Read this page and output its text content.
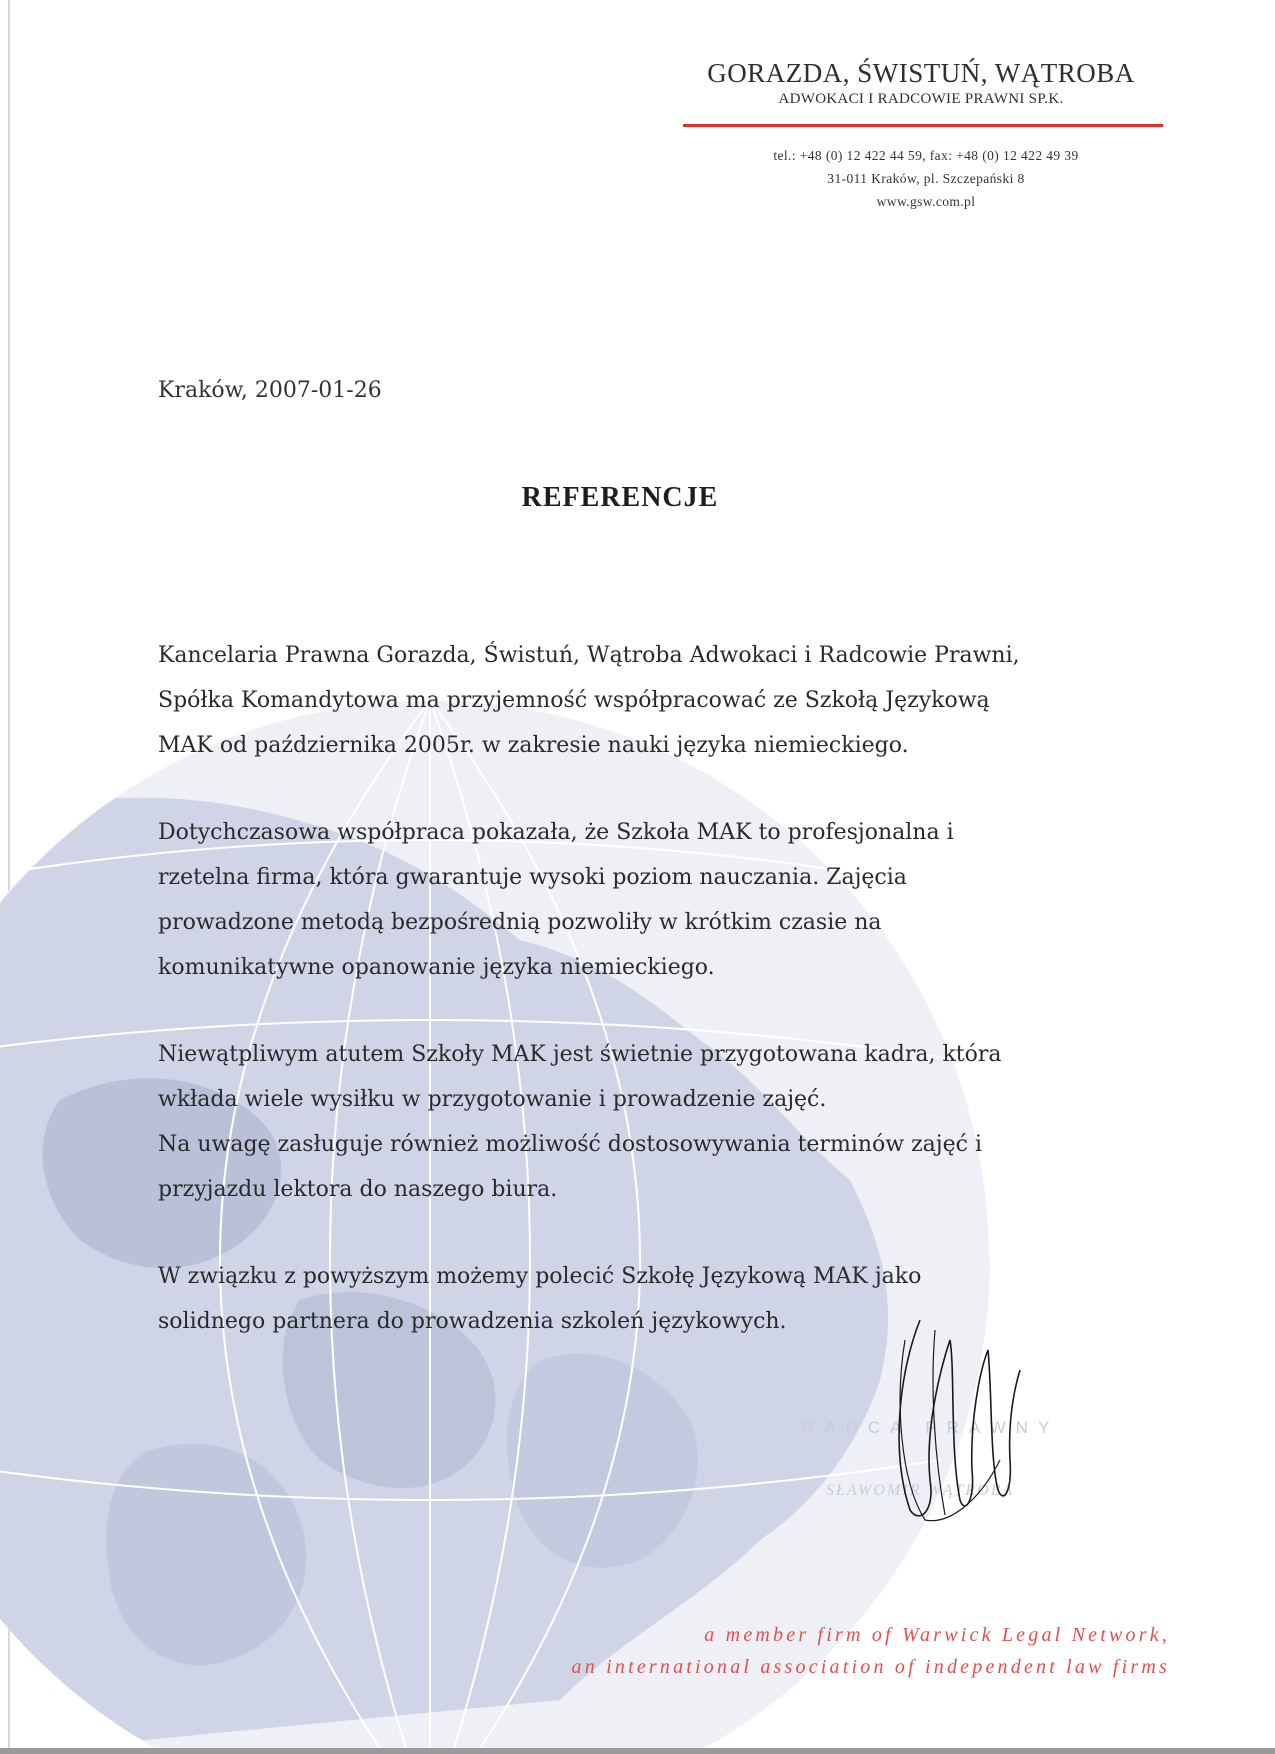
GORAZDA, ŚWISTUŃ, WĄTROBA
ADWOKACI I RADCOWIE PRAWNI SP.K.
tel.: +48 (0) 12 422 44 59, fax: +48 (0) 12 422 49 39
31-011 Kraków, pl. Szczepański 8
www.gsw.com.pl
Kraków, 2007-01-26
REFERENCJE
Kancelaria Prawna Gorazda, Świstuń, Wątroba Adwokaci i Radcowie Prawni,
Spółka Komandytowa ma przyjemność współpracować ze Szkołą Językową
MAK od października 2005r. w zakresie nauki języka niemieckiego.
Dotychczasowa współpraca pokazała, że Szkoła MAK to profesjonalna i
rzetelna firma, która gwarantuje wysoki poziom nauczania. Zajęcia
prowadzone metodą bezpośrednią pozwoliły w krótkim czasie na
komunikatywne opanowanie języka niemieckiego.
Niewątpliwym atutem Szkoły MAK jest świetnie przygotowana kadra, która
wkłada wiele wysiłku w przygotowanie i prowadzenie zajęć.
Na uwagę zasługuje również możliwość dostosowywania terminów zajęć i
przyjazdu lektora do naszego biura.
W związku z powyższym możemy polecić Szkołę Językową MAK jako
solidnego partnera do prowadzenia szkoleń językowych.
RADCA PRAWNY
SŁAWOMIR WĄTROBA
a member firm of Warwick Legal Network,
an international association of independent law firms
